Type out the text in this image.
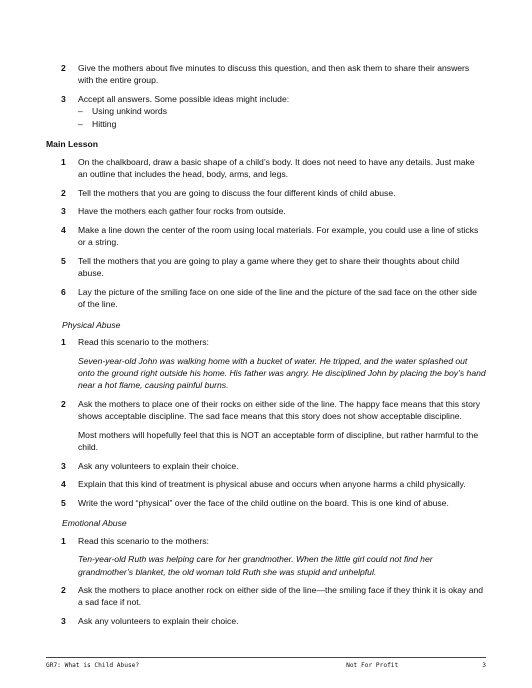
2	Give the mothers about five minutes to discuss this question, and then ask them to share their answers with the entire group.
3	Accept all answers. Some possible ideas might include:
–	Using unkind words
–	Hitting
Main Lesson
1	On the chalkboard, draw a basic shape of a child’s body. It does not need to have any details. Just make an outline that includes the head, body, arms, and legs.
2	Tell the mothers that you are going to discuss the four different kinds of child abuse.
3	Have the mothers each gather four rocks from outside.
4	Make a line down the center of the room using local materials. For example, you could use a line of sticks or a string.
5	Tell the mothers that you are going to play a game where they get to share their thoughts about child abuse.
6	Lay the picture of the smiling face on one side of the line and the picture of the sad face on the other side of the line.
Physical Abuse
1	Read this scenario to the mothers:
Seven-year-old John was walking home with a bucket of water. He tripped, and the water splashed out onto the ground right outside his home. His father was angry. He disciplined John by placing the boy’s hand near a hot flame, causing painful burns.
2	Ask the mothers to place one of their rocks on either side of the line. The happy face means that this story shows acceptable discipline. The sad face means that this story does not show acceptable discipline.
Most mothers will hopefully feel that this is NOT an acceptable form of discipline, but rather harmful to the child.
3	Ask any volunteers to explain their choice.
4	Explain that this kind of treatment is physical abuse and occurs when anyone harms a child physically.
5	Write the word “physical” over the face of the child outline on the board. This is one kind of abuse.
Emotional Abuse
1	Read this scenario to the mothers:
Ten-year-old Ruth was helping care for her grandmother. When the little girl could not find her grandmother’s blanket, the old woman told Ruth she was stupid and unhelpful.
2	Ask the mothers to place another rock on either side of the line—the smiling face if they think it is okay and a sad face if not.
3	Ask any volunteers to explain their choice.
GR7: What is Child Abuse?	Not For Profit	3
